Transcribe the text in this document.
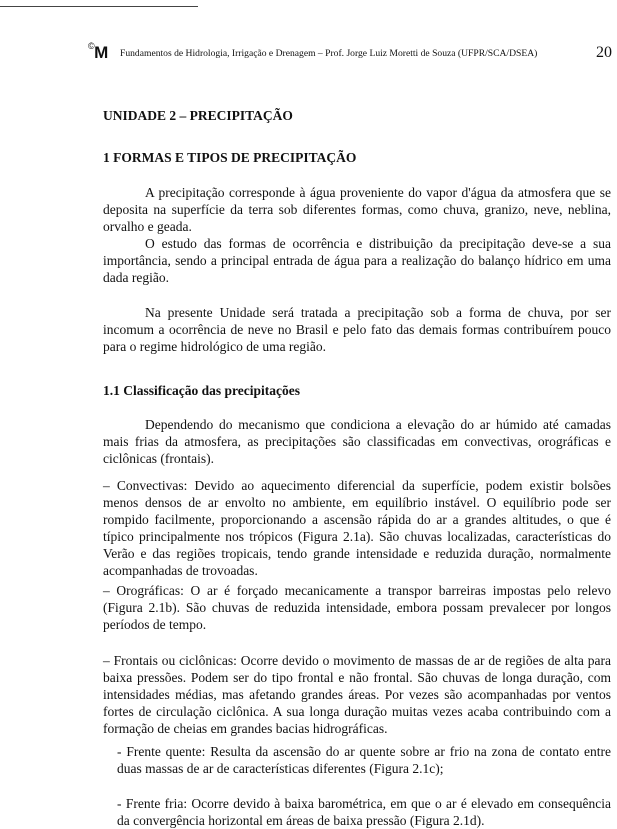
©M Fundamentos de Hidrologia, Irrigação e Drenagem – Prof. Jorge Luiz Moretti de Souza (UFPR/SCA/DSEA)	20
UNIDADE 2 – PRECIPITAÇÃO
1 FORMAS E TIPOS DE PRECIPITAÇÃO

A precipitação corresponde à água proveniente do vapor d'água da atmosfera que se deposita na superfície da terra sob diferentes formas, como chuva, granizo, neve, neblina, orvalho e geada.

O estudo das formas de ocorrência e distribuição da precipitação deve-se a sua importância, sendo a principal entrada de água para a realização do balanço hídrico em uma dada região.

Na presente Unidade será tratada a precipitação sob a forma de chuva, por ser incomum a ocorrência de neve no Brasil e pelo fato das demais formas contribuírem pouco para o regime hidrológico de uma região.

1.1 Classificação das precipitações

Dependendo do mecanismo que condiciona a elevação do ar húmido até camadas mais frias da atmosfera, as precipitações são classificadas em convectivas, orográficas e ciclônicas (frontais).

– Convectivas: Devido ao aquecimento diferencial da superfície, podem existir bolsões menos densos de ar envolto no ambiente, em equilíbrio instável. O equilíbrio pode ser rompido facilmente, proporcionando a ascensão rápida do ar a grandes altitudes, o que é típico principalmente nos trópicos (Figura 2.1a). São chuvas localizadas, características do Verão e das regiões tropicais, tendo grande intensidade e reduzida duração, normalmente acompanhadas de trovoadas.

– Orográficas: O ar é forçado mecanicamente a transpor barreiras impostas pelo relevo (Figura 2.1b). São chuvas de reduzida intensidade, embora possam prevalecer por longos períodos de tempo.

– Frontais ou ciclônicas: Ocorre devido o movimento de massas de ar de regiões de alta para baixa pressões. Podem ser do tipo frontal e não frontal. São chuvas de longa duração, com intensidades médias, mas afetando grandes áreas. Por vezes são acompanhadas por ventos fortes de circulação ciclônica. A sua longa duração muitas vezes acaba contribuindo com a formação de cheias em grandes bacias hidrográficas.

- Frente quente: Resulta da ascensão do ar quente sobre ar frio na zona de contato entre duas massas de ar de características diferentes (Figura 2.1c);

- Frente fria: Ocorre devido à baixa barométrica, em que o ar é elevado em consequência da convergência horizontal em áreas de baixa pressão (Figura 2.1d).
